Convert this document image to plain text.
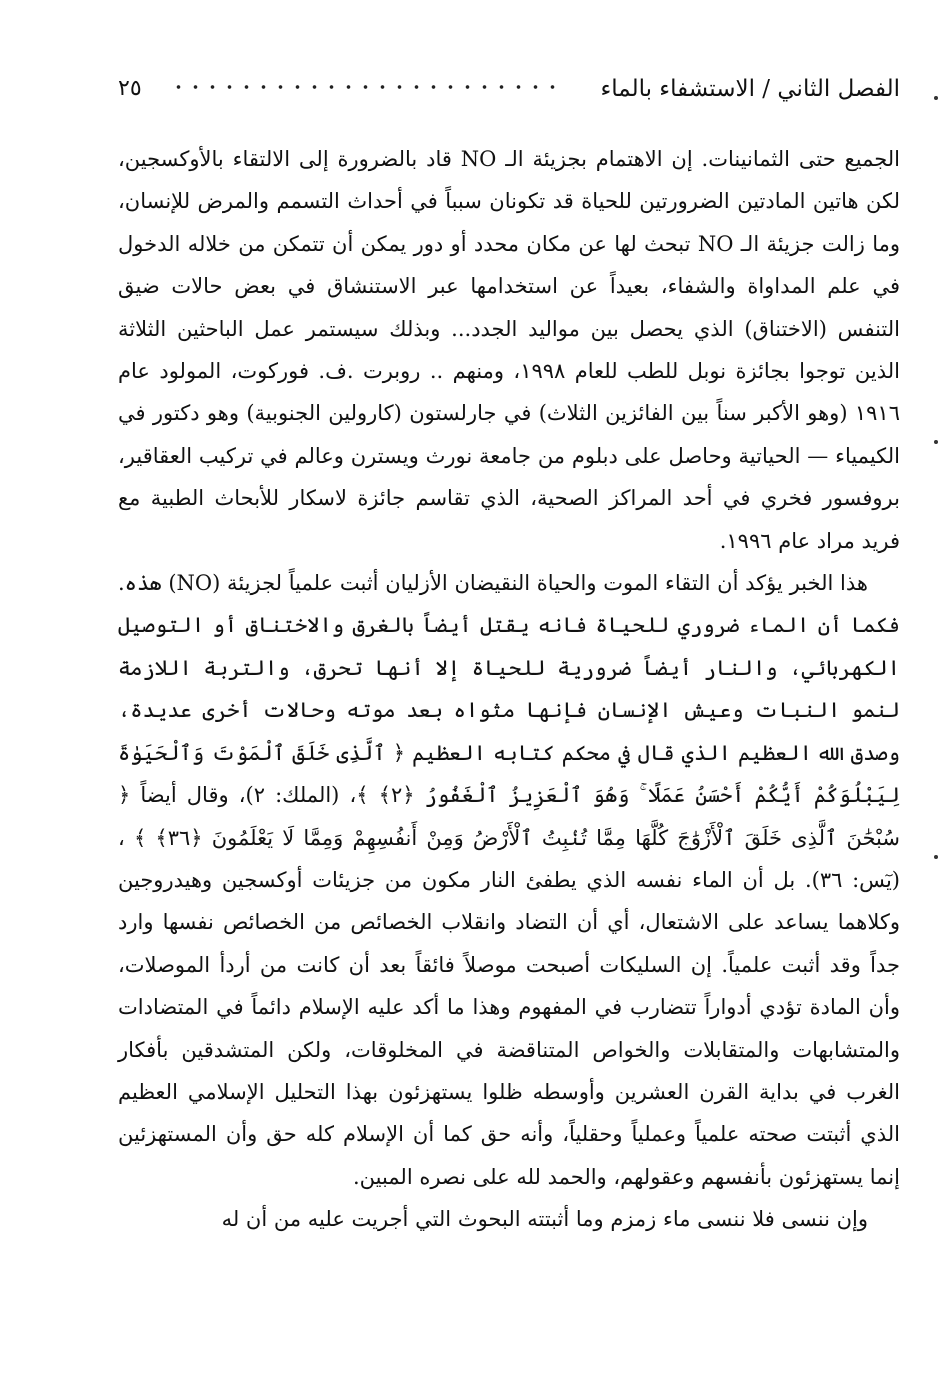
الفصل الثاني / الاستشفاء بالماء
٢٥

الجميع حتى الثمانينات. إن الاهتمام بجزيئة الـ NO قاد بالضرورة إلى الالتقاء بالأوكسجين، لكن هاتين المادتين الضرورتين للحياة قد تكونان سبباً في أحداث التسمم والمرض للإنسان، وما زالت جزيئة الـ NO تبحث لها عن مكان محدد أو دور يمكن أن تتمكن من خلاله الدخول في علم المداواة والشفاء، بعيداً عن استخدامها عبر الاستنشاق في بعض حالات ضيق التنفس (الاختناق) الذي يحصل بين مواليد الجدد... وبذلك سيستمر عمل الباحثين الثلاثة الذين توجوا بجائزة نوبل للطب للعام ١٩٩٨، ومنهم .. روبرت .ف. فوركوت، المولود عام ١٩١٦ (وهو الأكبر سناً بين الفائزين الثلاث) في جارلستون (كارولين الجنوبية) وهو دكتور في الكيمياء — الحياتية وحاصل على دبلوم من جامعة نورث ويسترن وعالم في تركيب العقاقير، بروفسور فخري في أحد المراكز الصحية، الذي تقاسم جائزة لاسكار للأبحاث الطبية مع فريد مراد عام ١٩٩٦.

هذا الخبر يؤكد أن التقاء الموت والحياة النقيضان الأزليان أثبت علمياً لجزيئة (NO) هذه. فكما أن الماء ضروري للحياة فانه يقتل أيضاً بالغرق والاختناق أو التوصيل الكهربائي، والنار أيضاً ضرورية للحياة إلا أنها تحرق، والتربة اللازمة لنمو النبات وعيش الإنسان فإنها مثواه بعد موته وحالات أخرى عديدة، وصدق الله العظيم الذي قال في محكم كتابه العظيم ﴿ ٱلَّذِى خَلَقَ ٱلْمَوْتَ وَٱلْحَيَوٰةَ لِيَبْلُوَكُمْ أَيُّكُمْ أَحْسَنُ عَمَلًا ۚ وَهُوَ ٱلْعَزِيزُ ٱلْغَفُورُ ﴿٢﴾ ﴾، (الملك: ٢)، وقال أيضاً ﴿ سُبْحَٰنَ ٱلَّذِى خَلَقَ ٱلْأَزْوَٰجَ كُلَّهَا مِمَّا تُنۢبِتُ ٱلْأَرْضُ وَمِنْ أَنفُسِهِمْ وَمِمَّا لَا يَعْلَمُونَ ﴿٣٦﴾ ﴾ ، (يٓس: ٣٦). بل أن الماء نفسه الذي يطفئ النار مكون من جزيئات أوكسجين وهيدروجين وكلاهما يساعد على الاشتعال، أي أن التضاد وانقلاب الخصائص من الخصائص نفسها وارد جداً وقد أثبت علمياً. إن السليكات أصبحت موصلاً فائقاً بعد أن كانت من أردأ الموصلات، وأن المادة تؤدي أدواراً تتضارب في المفهوم وهذا ما أكد عليه الإسلام دائماً في المتضادات والمتشابهات والمتقابلات والخواص المتناقضة في المخلوقات، ولكن المتشدقين بأفكار الغرب في بداية القرن العشرين وأوسطه ظلوا يستهزئون بهذا التحليل الإسلامي العظيم الذي أثبتت صحته علمياً وعملياً وحقلياً، وأنه حق كما أن الإسلام كله حق وأن المستهزئين إنما يستهزئون بأنفسهم وعقولهم، والحمد لله على نصره المبين.

وإن ننسى فلا ننسى ماء زمزم وما أثبتته البحوث التي أجريت عليه من أن له
